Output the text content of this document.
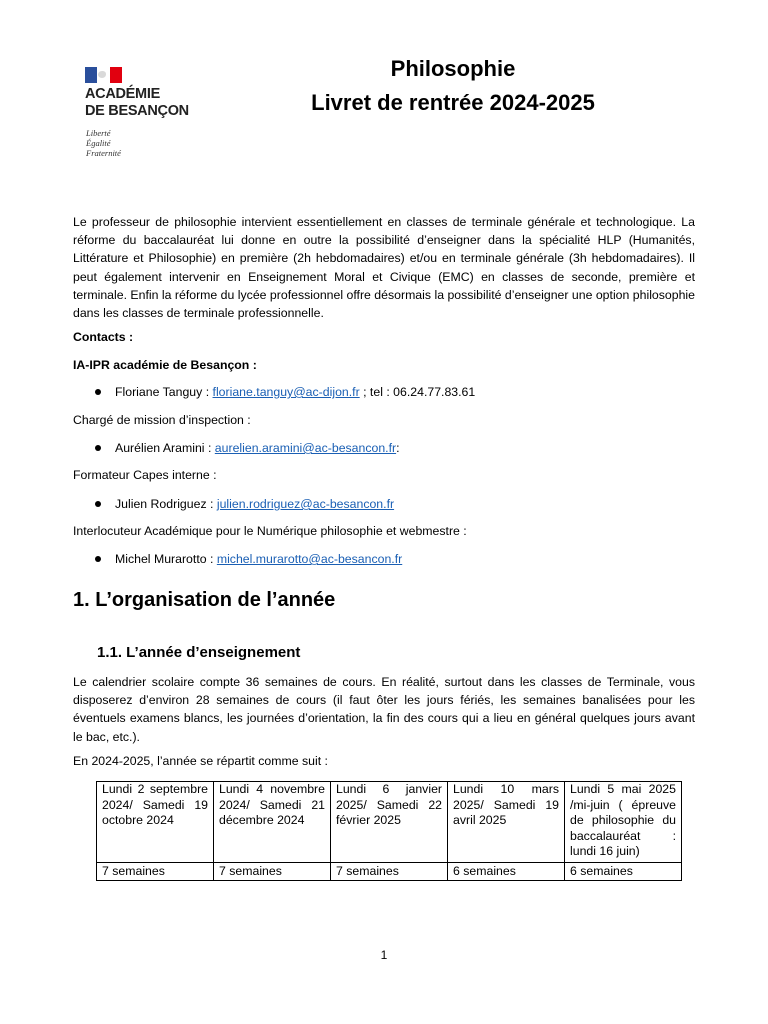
ACADÉMIE
DE BESANÇON
Liberté
Égalité
Fraternité
Philosophie
Livret de rentrée 2024-2025
Le professeur de philosophie intervient essentiellement en classes de terminale générale et technologique. La réforme du baccalauréat lui donne en outre la possibilité d’enseigner dans la spécialité HLP (Humanités, Littérature et Philosophie) en première (2h hebdomadaires) et/ou en terminale générale (3h hebdomadaires). Il peut également intervenir en Enseignement Moral et Civique (EMC) en classes de seconde, première et terminale. Enfin la réforme du lycée professionnel offre désormais la possibilité d’enseigner une option philosophie dans les classes de terminale professionnelle.
Contacts :
IA-IPR académie de Besançon :
Floriane Tanguy : floriane.tanguy@ac-dijon.fr ; tel : 06.24.77.83.61
Chargé de mission d’inspection :
Aurélien Aramini : aurelien.aramini@ac-besancon.fr:
Formateur Capes interne :
Julien Rodriguez : julien.rodriguez@ac-besancon.fr
Interlocuteur Académique pour le Numérique philosophie et webmestre :
Michel Murarotto : michel.murarotto@ac-besancon.fr
1. L’organisation de l’année
1.1. L’année d’enseignement
Le calendrier scolaire compte 36 semaines de cours. En réalité, surtout dans les classes de Terminale, vous disposerez d’environ 28 semaines de cours (il faut ôter les jours fériés, les semaines banalisées pour les éventuels examens blancs, les journées d’orientation, la fin des cours qui a lieu en général quelques jours avant le bac, etc.).
En 2024-2025, l’année se répartit comme suit :
Lundi 2 septembre 2024/ Samedi 19 octobre 2024	Lundi 4 novembre 2024/ Samedi 21 décembre 2024	Lundi 6 janvier 2025/ Samedi 22 février 2025	Lundi 10 mars 2025/ Samedi 19 avril 2025	Lundi 5 mai 2025 /mi-juin ( épreuve de philosophie du baccalauréat : lundi 16 juin)
7 semaines	7 semaines	7 semaines	6 semaines	6 semaines
1
